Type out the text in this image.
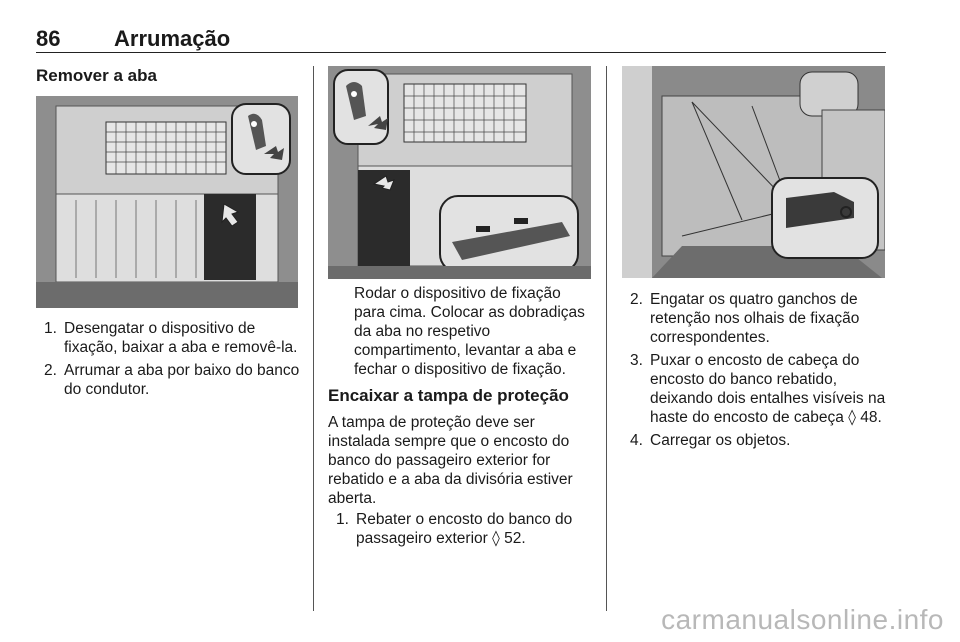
86 Arrumação
Remover a aba
1. Desengatar o dispositivo de fixação, baixar a aba e removê-la.
2. Arrumar a aba por baixo do banco do condutor.
Rodar o dispositivo de fixação para cima. Colocar as dobradiças da aba no respetivo compartimento, levantar a aba e fechar o dispositivo de fixação.
Encaixar a tampa de proteção
A tampa de proteção deve ser instalada sempre que o encosto do banco do passageiro exterior for rebatido e a aba da divisória estiver aberta.
1. Rebater o encosto do banco do passageiro exterior ◊ 52.
2. Engatar os quatro ganchos de retenção nos olhais de fixação correspondentes.
3. Puxar o encosto de cabeça do encosto do banco rebatido, deixando dois entalhes visíveis na haste do encosto de cabeça ◊ 48.
4. Carregar os objetos.
carmanualsonline.info
